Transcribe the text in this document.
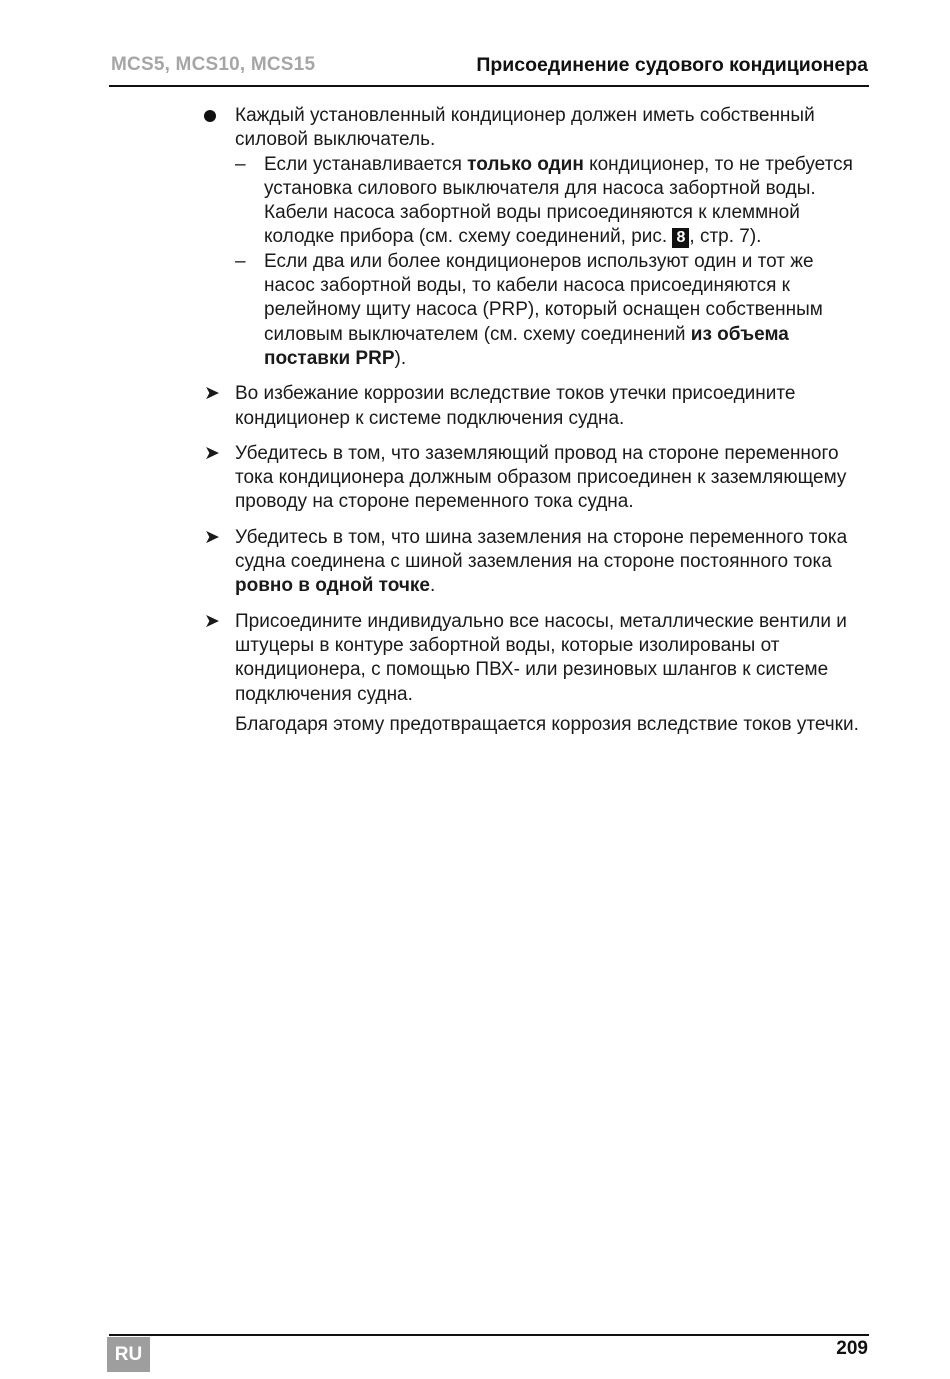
MCS5, MCS10, MCS15	Присоединение судового кондиционера
Каждый установленный кондиционер должен иметь собственный силовой выключатель.
– Если устанавливается только один кондиционер, то не требуется установка силового выключателя для насоса забортной воды. Кабели насоса забортной воды присоединяются к клеммной колодке прибора (см. схему соединений, рис. 8 , стр. 7).
– Если два или более кондиционеров используют один и тот же насос забортной воды, то кабели насоса присоединяются к релейному щиту насоса (PRP), который оснащен собственным силовым выключателем (см. схему соединений из объема поставки PRP).
➤ Во избежание коррозии вследствие токов утечки присоедините кондиционер к системе подключения судна.
➤ Убедитесь в том, что заземляющий провод на стороне переменного тока кондиционера должным образом присоединен к заземляющему проводу на стороне переменного тока судна.
➤ Убедитесь в том, что шина заземления на стороне переменного тока судна соединена с шиной заземления на стороне постоянного тока ровно в одной точке.
➤ Присоедините индивидуально все насосы, металлические вентили и штуцеры в контуре забортной воды, которые изолированы от кондиционера, с помощью ПВХ- или резиновых шлангов к системе подключения судна.
Благодаря этому предотвращается коррозия вследствие токов утечки.
RU	209
